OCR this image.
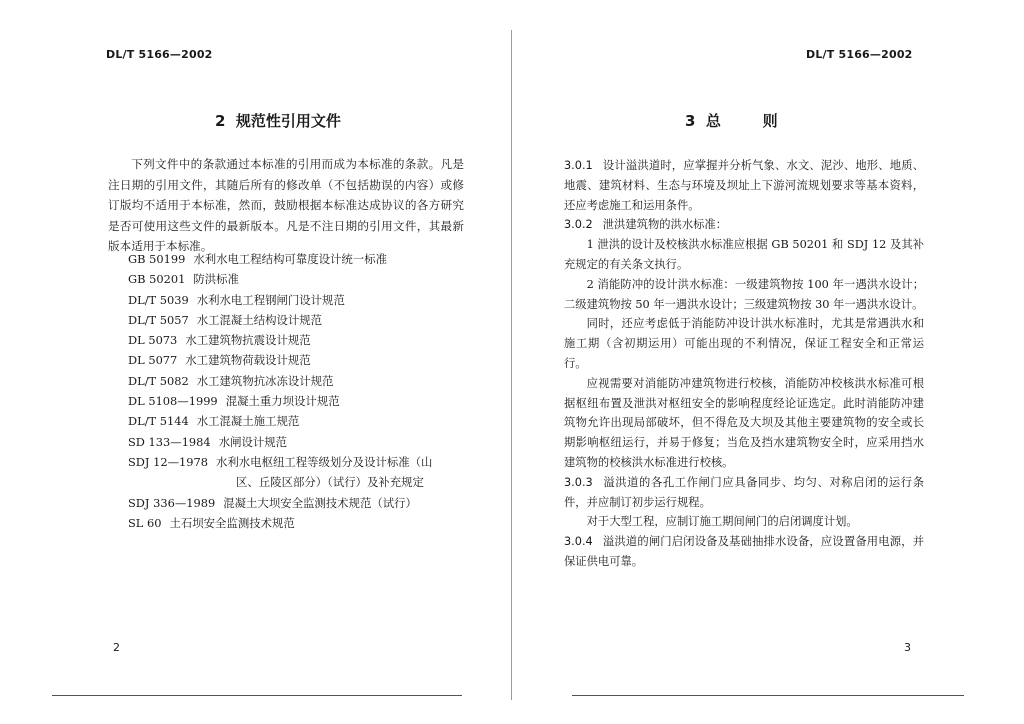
DL/T 5166—2002
2  规范性引用文件

下列文件中的条款通过本标准的引用而成为本标准的条款。凡是注日期的引用文件，其随后所有的修改单（不包括勘误的内容）或修订版均不适用于本标准，然而，鼓励根据本标准达成协议的各方研究是否可使用这些文件的最新版本。凡是不注日期的引用文件，其最新版本适用于本标准。

GB 50199 水利水电工程结构可靠度设计统一标准
GB 50201 防洪标准
DL/T 5039 水利水电工程钢闸门设计规范
DL/T 5057 水工混凝土结构设计规范
DL 5073 水工建筑物抗震设计规范
DL 5077 水工建筑物荷载设计规范
DL/T 5082 水工建筑物抗冰冻设计规范
DL 5108—1999 混凝土重力坝设计规范
DL/T 5144 水工混凝土施工规范
SD 133—1984 水闸设计规范
SDJ 12—1978 水利水电枢纽工程等级划分及设计标准（山
区、丘陵区部分）（试行）及补充规定
SDJ 336—1989 混凝土大坝安全监测技术规范（试行）
SL 60 土石坝安全监测技术规范
2
DL/T 5166—2002
3  总        则

3.0.1 设计溢洪道时，应掌握并分析气象、水文、泥沙、地形、地质、地震、建筑材料、生态与环境及坝址上下游河流规划要求等基本资料，还应考虑施工和运用条件。

3.0.2 泄洪建筑物的洪水标准：

1 泄洪的设计及校核洪水标准应根据 GB 50201 和 SDJ 12 及其补充规定的有关条文执行。

2 消能防冲的设计洪水标准：一级建筑物按 100 年一遇洪水设计；二级建筑物按 50 年一遇洪水设计；三级建筑物按 30 年一遇洪水设计。

同时，还应考虑低于消能防冲设计洪水标准时，尤其是常遇洪水和施工期（含初期运用）可能出现的不利情况，保证工程安全和正常运行。

应视需要对消能防冲建筑物进行校核，消能防冲校核洪水标准可根据枢纽布置及泄洪对枢纽安全的影响程度经论证选定。此时消能防冲建筑物允许出现局部破坏，但不得危及大坝及其他主要建筑物的安全或长期影响枢纽运行，并易于修复；当危及挡水建筑物安全时，应采用挡水建筑物的校核洪水标准进行校核。

3.0.3 溢洪道的各孔工作闸门应具备同步、均匀、对称启闭的运行条件，并应制订初步运行规程。

对于大型工程，应制订施工期间闸门的启闭调度计划。

3.0.4 溢洪道的闸门启闭设备及基础抽排水设备，应设置备用电源，并保证供电可靠。

3
